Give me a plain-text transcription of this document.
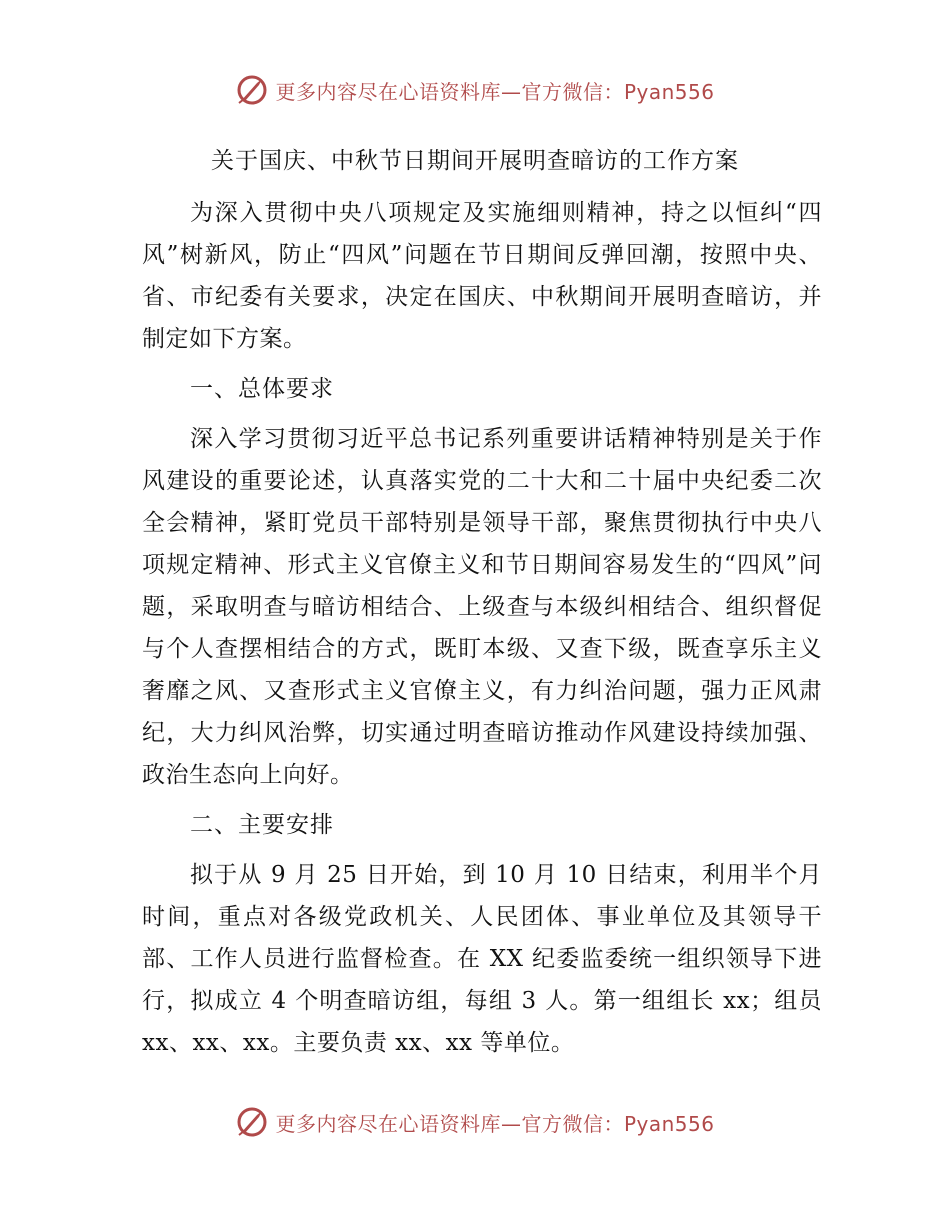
更多内容尽在心语资料库—官方微信：Pyan556
关于国庆、中秋节日期间开展明查暗访的工作方案

为深入贯彻中央八项规定及实施细则精神，持之以恒纠“四风”树新风，防止“四风”问题在节日期间反弹回潮，按照中央、省、市纪委有关要求，决定在国庆、中秋期间开展明查暗访，并制定如下方案。

一、总体要求

深入学习贯彻习近平总书记系列重要讲话精神特别是关于作风建设的重要论述，认真落实党的二十大和二十届中央纪委二次全会精神，紧盯党员干部特别是领导干部，聚焦贯彻执行中央八项规定精神、形式主义官僚主义和节日期间容易发生的“四风”问题，采取明查与暗访相结合、上级查与本级纠相结合、组织督促与个人查摆相结合的方式，既盯本级、又查下级，既查享乐主义奢靡之风、又查形式主义官僚主义，有力纠治问题，强力正风肃纪，大力纠风治弊，切实通过明查暗访推动作风建设持续加强、政治生态向上向好。

二、主要安排

拟于从 9 月 25 日开始，到 10 月 10 日结束，利用半个月时间，重点对各级党政机关、人民团体、事业单位及其领导干部、工作人员进行监督检查。在 XX 纪委监委统一组织领导下进行，拟成立 4 个明查暗访组，每组 3 人。第一组组长 xx；组员 xx、xx、xx。主要负责 xx、xx 等单位。

更多内容尽在心语资料库—官方微信：Pyan556
